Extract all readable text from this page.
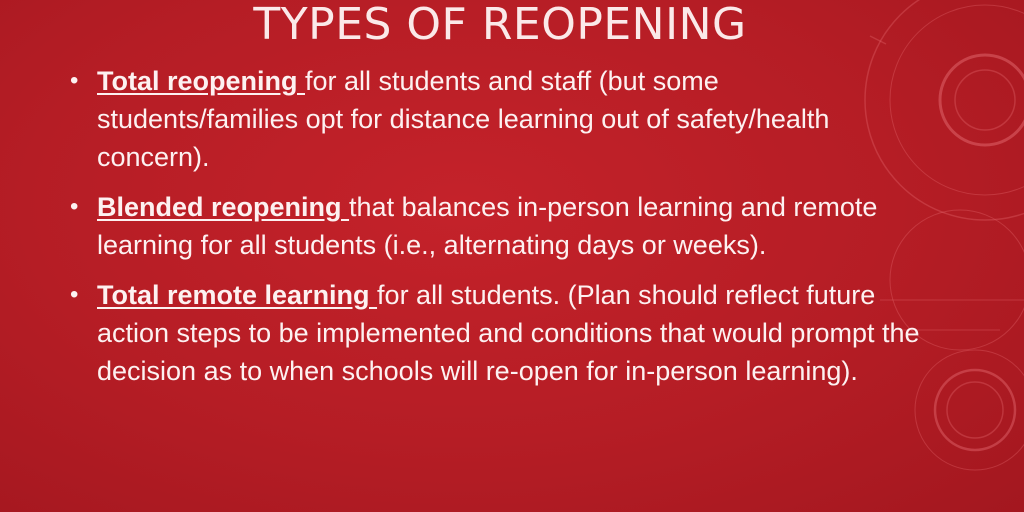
TYPES OF REOPENING
• Total reopening for all students and staff (but some students/families opt for distance learning out of safety/health concern).
• Blended reopening that balances in-person learning and remote learning for all students (i.e., alternating days or weeks).
• Total remote learning for all students. (Plan should reflect future action steps to be implemented and conditions that would prompt the decision as to when schools will re-open for in-person learning).
